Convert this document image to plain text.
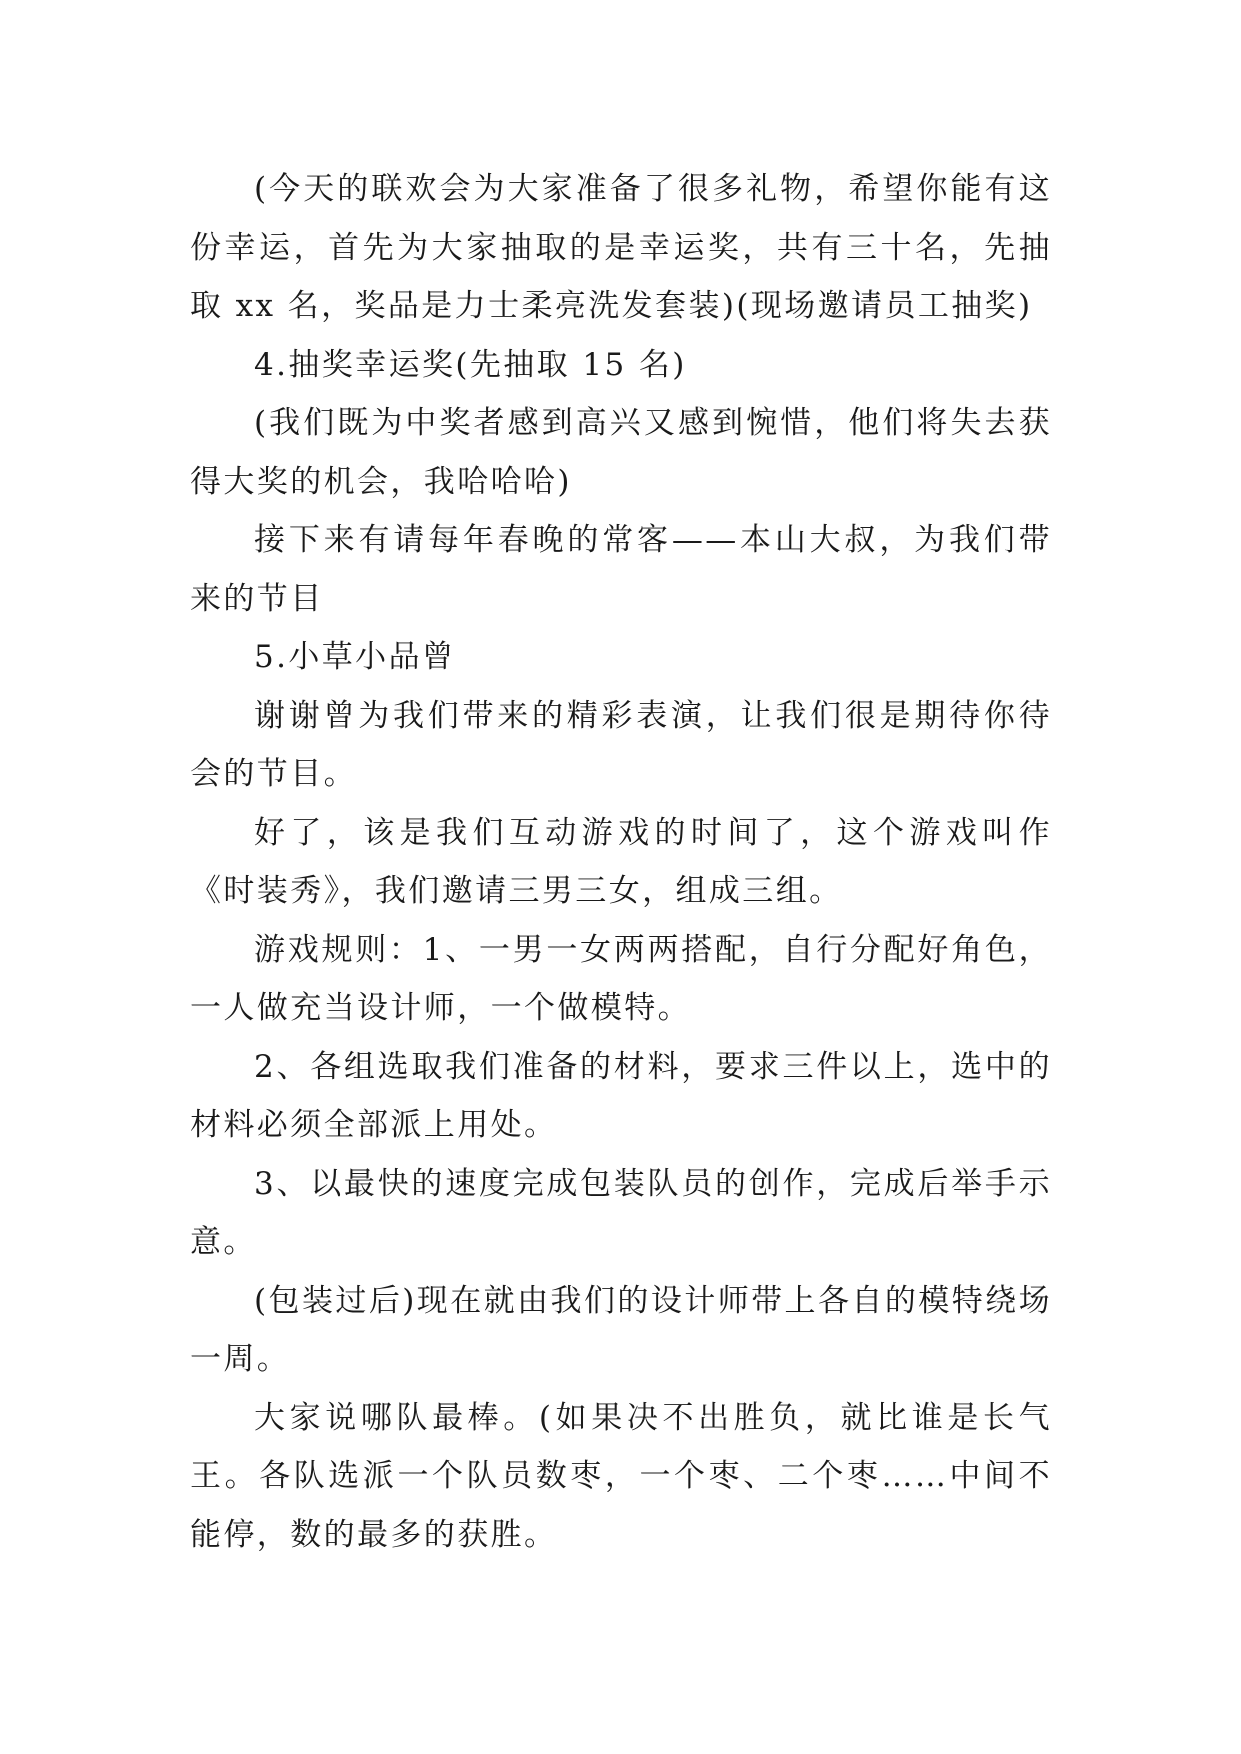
(今天的联欢会为大家准备了很多礼物，希望你能有这份幸运，首先为大家抽取的是幸运奖，共有三十名，先抽取 xx 名，奖品是力士柔亮洗发套装)(现场邀请员工抽奖)

4.抽奖幸运奖(先抽取 15 名)

(我们既为中奖者感到高兴又感到惋惜，他们将失去获得大奖的机会，我哈哈哈)

接下来有请每年春晚的常客——本山大叔，为我们带来的节目

5.小草小品曾

谢谢曾为我们带来的精彩表演，让我们很是期待你待会的节目。

好了，该是我们互动游戏的时间了，这个游戏叫作《时装秀》，我们邀请三男三女，组成三组。

游戏规则：1、一男一女两两搭配，自行分配好角色，一人做充当设计师，一个做模特。

2、各组选取我们准备的材料，要求三件以上，选中的材料必须全部派上用处。

3、以最快的速度完成包装队员的创作，完成后举手示意。

(包装过后)现在就由我们的设计师带上各自的模特绕场一周。

大家说哪队最棒。(如果决不出胜负，就比谁是长气王。各队选派一个队员数枣，一个枣、二个枣……中间不能停，数的最多的获胜。
